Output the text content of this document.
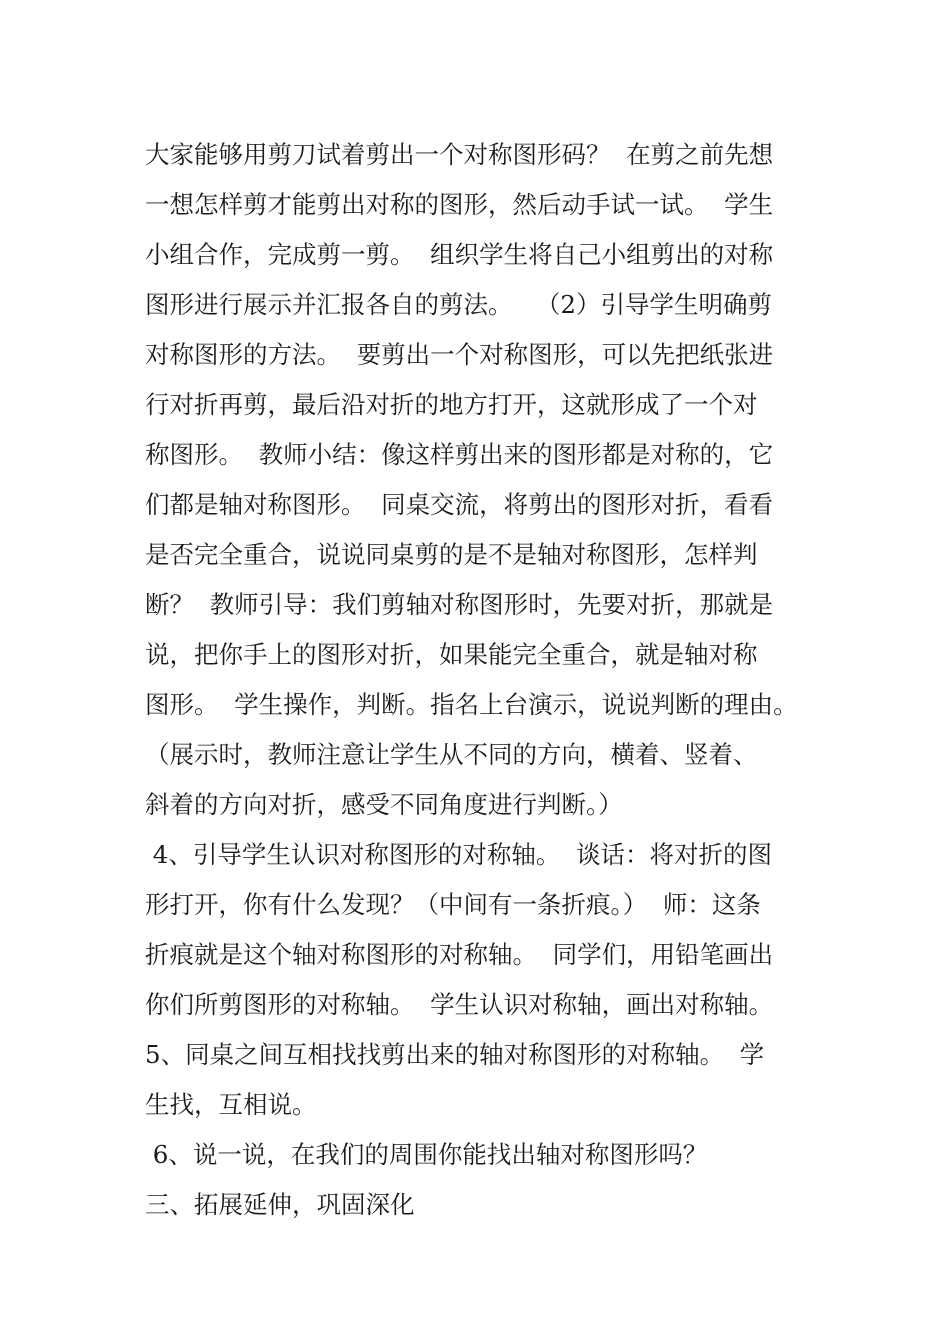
大家能够用剪刀试着剪出一个对称图形码？  在剪之前先想
一想怎样剪才能剪出对称的图形，然后动手试一试。  学生
小组合作，完成剪一剪。  组织学生将自己小组剪出的对称
图形进行展示并汇报各自的剪法。   （2）引导学生明确剪
对称图形的方法。  要剪出一个对称图形，可以先把纸张进
行对折再剪，最后沿对折的地方打开，这就形成了一个对
称图形。  教师小结：像这样剪出来的图形都是对称的，它
们都是轴对称图形。  同桌交流，将剪出的图形对折，看看
是否完全重合，说说同桌剪的是不是轴对称图形，怎样判
断？  教师引导：我们剪轴对称图形时，先要对折，那就是
说，把你手上的图形对折，如果能完全重合，就是轴对称
图形。  学生操作，判断。指名上台演示，说说判断的理由。
（展示时，教师注意让学生从不同的方向，横着、竖着、
斜着的方向对折，感受不同角度进行判断。）
4、引导学生认识对称图形的对称轴。  谈话：将对折的图
形打开，你有什么发现？（中间有一条折痕。）  师：这条
折痕就是这个轴对称图形的对称轴。  同学们，用铅笔画出
你们所剪图形的对称轴。  学生认识对称轴，画出对称轴。
5、同桌之间互相找找剪出来的轴对称图形的对称轴。  学
生找，互相说。
6、说一说，在我们的周围你能找出轴对称图形吗？
三、拓展延伸，巩固深化
